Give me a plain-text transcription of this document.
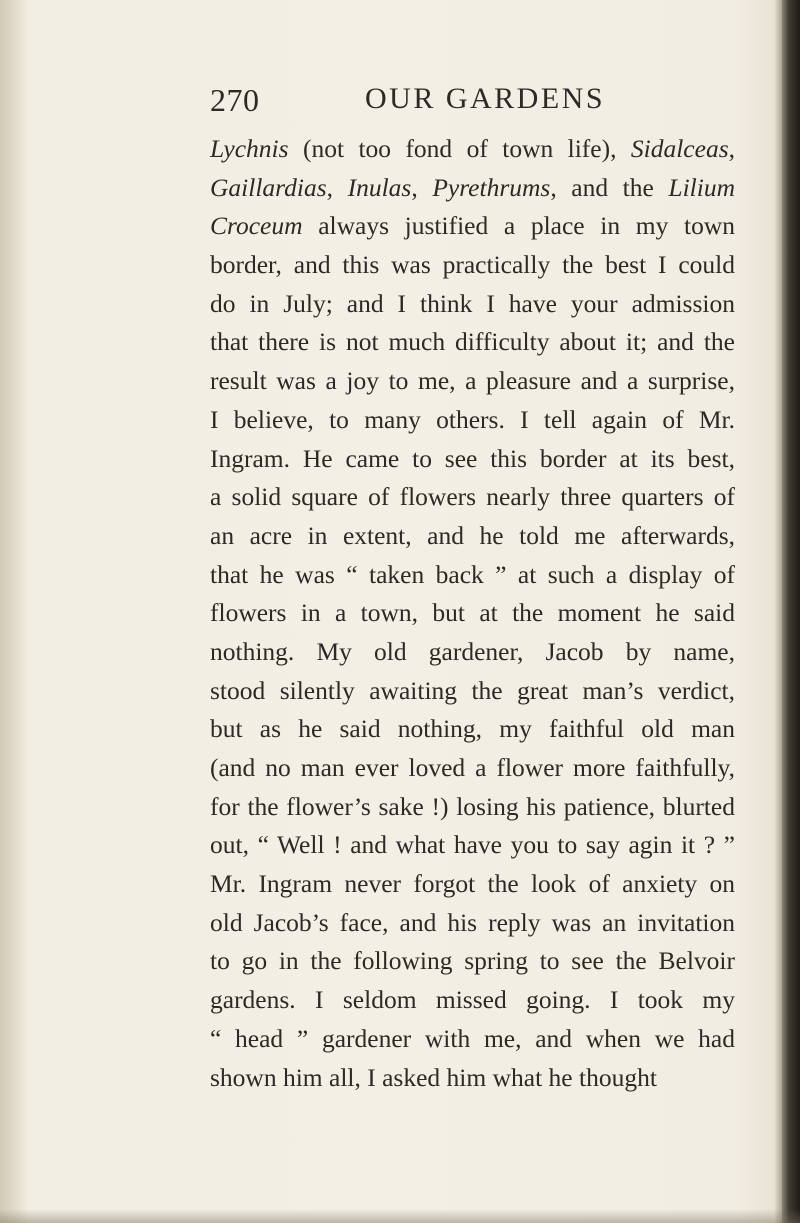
270	OUR GARDENS
Lychnis (not too fond of town life), Sidalceas,
Gaillardias, Inulas, Pyrethrums, and the Lilium
Croceum always justified a place in my town
border, and this was practically the best I could
do in July; and I think I have your admission
that there is not much difficulty about it; and the
result was a joy to me, a pleasure and a surprise,
I believe, to many others. I tell again of Mr.
Ingram. He came to see this border at its best,
a solid square of flowers nearly three quarters of
an acre in extent, and he told me afterwards,
that he was “ taken back ” at such a display of
flowers in a town, but at the moment he said
nothing. My old gardener, Jacob by name,
stood silently awaiting the great man’s verdict,
but as he said nothing, my faithful old man
(and no man ever loved a flower more faithfully,
for the flower’s sake !) losing his patience, blurted
out, “ Well ! and what have you to say agin it ? ”
Mr. Ingram never forgot the look of anxiety on
old Jacob’s face, and his reply was an invitation
to go in the following spring to see the Belvoir
gardens. I seldom missed going. I took my
“ head ” gardener with me, and when we had
shown him all, I asked him what he thought
